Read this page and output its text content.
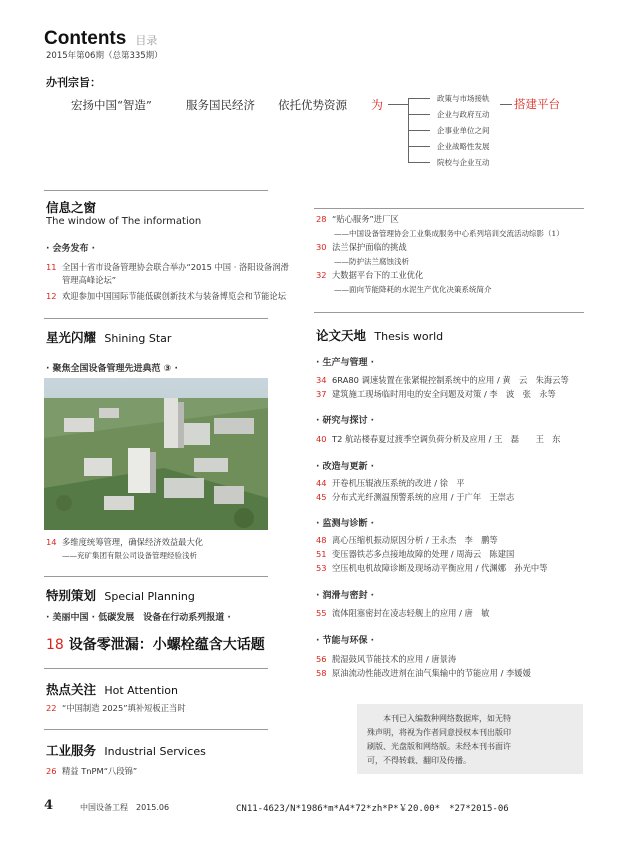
Contents 目录
2015年第06期（总第335期）
办刊宗旨：
宏扬中国“智造”	服务国民经济 依托优势资源 为	政策与市场接轨
企业与政府互动
企事业单位之间
企业战略性发展
院校与企业互动
搭建平台
信息之窗
The window of The information
· 会务发布 ·
11 全国十省市设备管理协会联合举办“2015 中国 · 洛阳设备润滑
管理高峰论坛”
12 欢迎参加中国国际节能低碳创新技术与装备博览会和节能论坛
星光闪耀 Shining Star
· 聚焦全国设备管理先进典范 ③ ·
14 多维度统筹管理，确保经济效益最大化
——兖矿集团有限公司设备管理经验浅析
特别策划 Special Planning
· 美丽中国 · 低碳发展　设备在行动系列报道 ·
18 设备零泄漏：小螺栓蕴含大话题
热点关注 Hot Attention
22 “中国制造 2025”填补短板正当时
工业服务 Industrial Services
26 精益 TnPM“八段锦”
28 “贴心服务”进厂区
——中国设备管理协会工业集成服务中心系列培训交流活动综影（1）
30 法兰保护面临的挑战
——防护法兰腐蚀浅析
32 大数据平台下的工业优化
——面向节能降耗的水泥生产优化决策系统简介
论文天地 Thesis world
· 生产与管理 ·
34 6RA80 调速装置在张紧辊控制系统中的应用 / 黄　云　朱海云等
37 建筑施工现场临时用电的安全问题及对策 / 李　波　张　永等
· 研究与探讨 ·
40 T2 航站楼春夏过渡季空调负荷分析及应用 / 王　磊　　王　东
· 改造与更新 ·
44 开卷机压辊液压系统的改进 / 徐　平
45 分布式光纤测温预警系统的应用 / 于广年　王崇志
· 监测与诊断 ·
48 离心压缩机振动原因分析 / 王永杰　李　鹏等
51 变压器铁芯多点接地故障的处理 / 周海云　陈建国
53 空压机电机故障诊断及现场动平衡应用 / 代渊娜　孙光中等
· 润滑与密封 ·
55 流体阻塞密封在凌志轻舰上的应用 / 唐　敏
· 节能与环保 ·
56 脱湿鼓风节能技术的应用 / 唐景涛
58 原油流动性能改进剂在油气集输中的节能应用 / 李媛媛
本刊已入编数种网络数据库，如无特
殊声明，将视为作者同意授权本刊出版印
刷版、光盘版和网络版。未经本刊书面许
可，不得转载、翻印及传播。
4	中国设备工程　2015.06	CN11-4623/N*1986*m*A4*72*zh*P*￥20.00*　*27*2015-06
